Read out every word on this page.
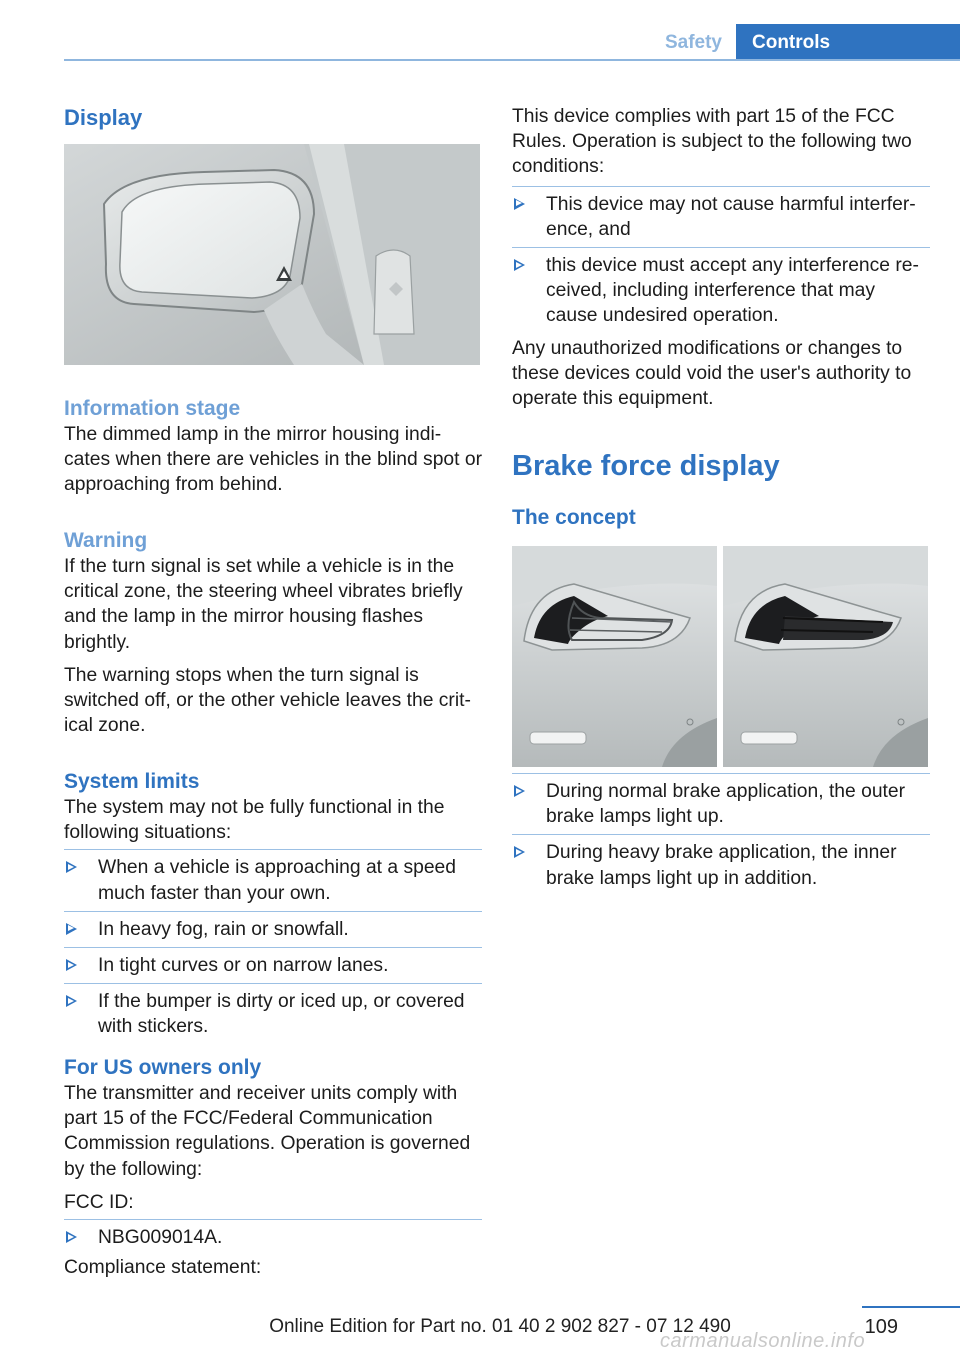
Safety	Controls
Display
Information stage

The dimmed lamp in the mirror housing indi-cates when there are vehicles in the blind spot or approaching from behind.

Warning

If the turn signal is set while a vehicle is in the critical zone, the steering wheel vibrates briefly and the lamp in the mirror housing flashes brightly.

The warning stops when the turn signal is switched off, or the other vehicle leaves the crit-ical zone.

System limits

The system may not be fully functional in the following situations:

When a vehicle is approaching at a speed much faster than your own.
In heavy fog, rain or snowfall.
In tight curves or on narrow lanes.
If the bumper is dirty or iced up, or covered with stickers.
For US owners only

The transmitter and receiver units comply with part 15 of the FCC/Federal Communication Commission regulations. Operation is governed by the following:

FCC ID:

NBG009014A.

Compliance statement:

This device complies with part 15 of the FCC Rules. Operation is subject to the following two conditions:

This device may not cause harmful interfer-ence, and
this device must accept any interference re-ceived, including interference that may cause undesired operation.

Any unauthorized modifications or changes to these devices could void the user's authority to operate this equipment.

Brake force display
The concept
During normal brake application, the outer brake lamps light up.
During heavy brake application, the inner brake lamps light up in addition.
109
Online Edition for Part no. 01 40 2 902 827 - 07 12 490
carmanualsonline.info
